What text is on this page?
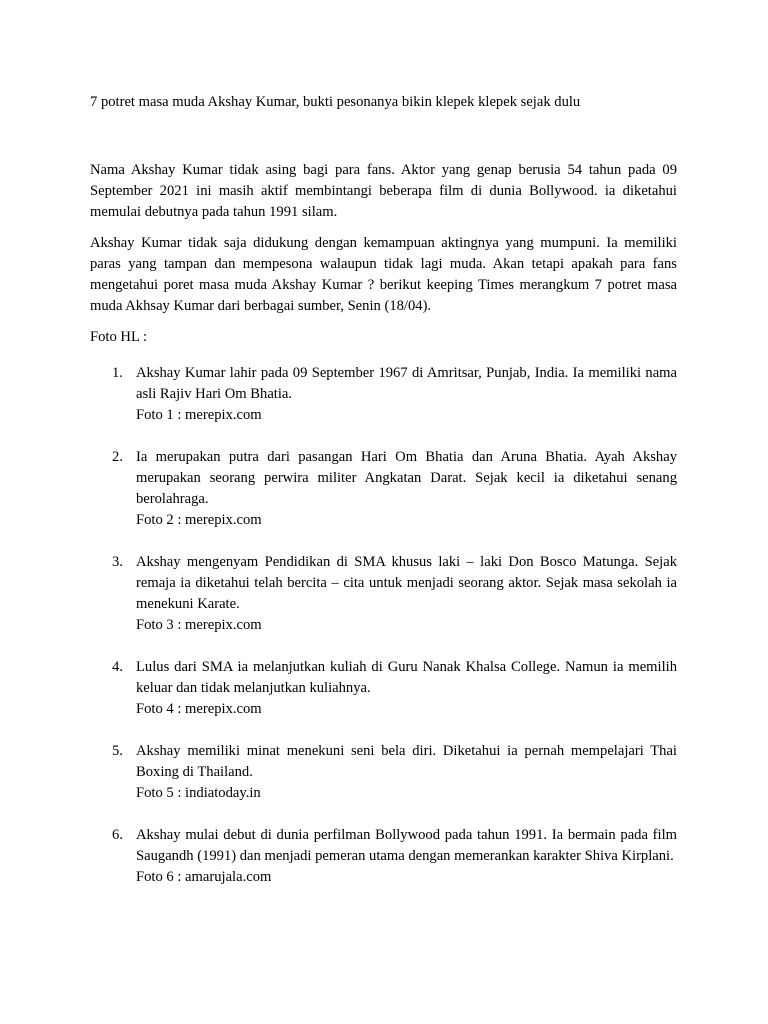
7 potret masa muda Akshay Kumar, bukti pesonanya bikin klepek klepek sejak dulu

Nama Akshay Kumar tidak asing bagi para fans. Aktor yang genap berusia 54 tahun pada 09 September 2021 ini masih aktif membintangi beberapa film di dunia Bollywood. ia diketahui memulai debutnya pada tahun 1991 silam.

Akshay Kumar tidak saja didukung dengan kemampuan aktingnya yang mumpuni. Ia memiliki paras yang tampan dan mempesona walaupun tidak lagi muda. Akan tetapi apakah para fans mengetahui poret masa muda Akshay Kumar ? berikut keeping Times merangkum 7 potret masa muda Akhsay Kumar dari berbagai sumber, Senin (18/04).

Foto HL :

1. Akshay Kumar lahir pada 09 September 1967 di Amritsar, Punjab, India. Ia memiliki nama asli Rajiv Hari Om Bhatia.

Foto 1 : merepix.com

2. Ia merupakan putra dari pasangan Hari Om Bhatia dan Aruna Bhatia. Ayah Akshay merupakan seorang perwira militer Angkatan Darat. Sejak kecil ia diketahui senang berolahraga.

Foto 2 : merepix.com

3. Akshay mengenyam Pendidikan di SMA khusus laki – laki Don Bosco Matunga. Sejak remaja ia diketahui telah bercita – cita untuk menjadi seorang aktor. Sejak masa sekolah ia menekuni Karate.

Foto 3 : merepix.com

4. Lulus dari SMA ia melanjutkan kuliah di Guru Nanak Khalsa College. Namun ia memilih keluar dan tidak melanjutkan kuliahnya.

Foto 4 : merepix.com

5. Akshay memiliki minat menekuni seni bela diri. Diketahui ia pernah mempelajari Thai Boxing di Thailand.

Foto 5 : indiatoday.in

6. Akshay mulai debut di dunia perfilman Bollywood pada tahun 1991. Ia bermain pada film Saugandh (1991) dan menjadi pemeran utama dengan memerankan karakter Shiva Kirplani.

Foto 6 : amarujala.com
